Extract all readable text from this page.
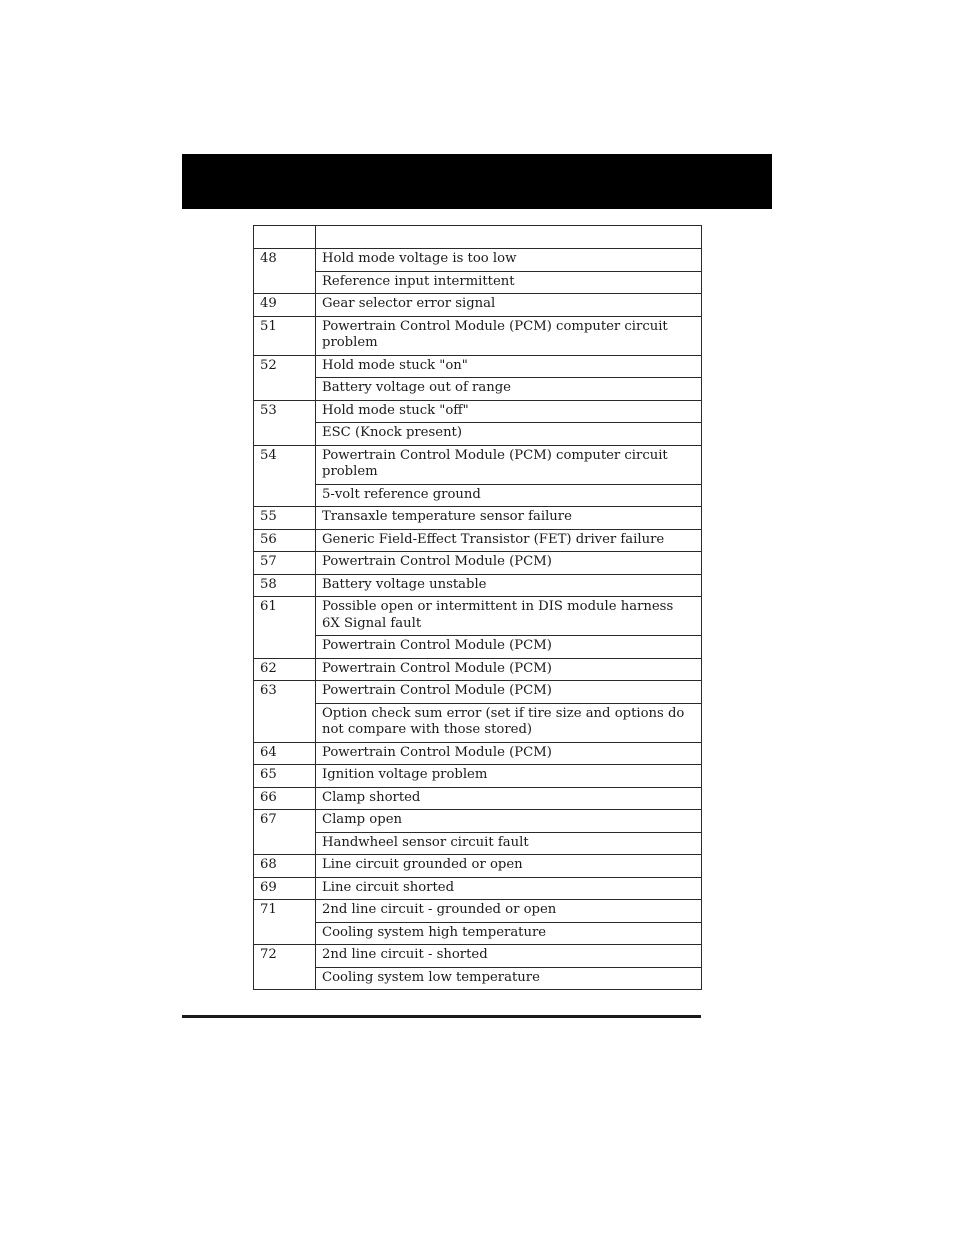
48	Hold mode voltage is too low
	Reference input intermittent
49	Gear selector error signal
51	Powertrain Control Module (PCM) computer circuit problem
52	Hold mode stuck "on"
	Battery voltage out of range
53	Hold mode stuck "off"
	ESC (Knock present)
54	Powertrain Control Module (PCM) computer circuit problem
	5-volt reference ground
55	Transaxle temperature sensor failure
56	Generic Field-Effect Transistor (FET) driver failure
57	Powertrain Control Module (PCM)
58	Battery voltage unstable
61	Possible open or intermittent in DIS module harness 6X Signal fault
	Powertrain Control Module (PCM)
62	Powertrain Control Module (PCM)
63	Powertrain Control Module (PCM)
	Option check sum error (set if tire size and options do not compare with those stored)
64	Powertrain Control Module (PCM)
65	Ignition voltage problem
66	Clamp shorted
67	Clamp open
	Handwheel sensor circuit fault
68	Line circuit grounded or open
69	Line circuit shorted
71	2nd line circuit - grounded or open
	Cooling system high temperature
72	2nd line circuit - shorted
	Cooling system low temperature
